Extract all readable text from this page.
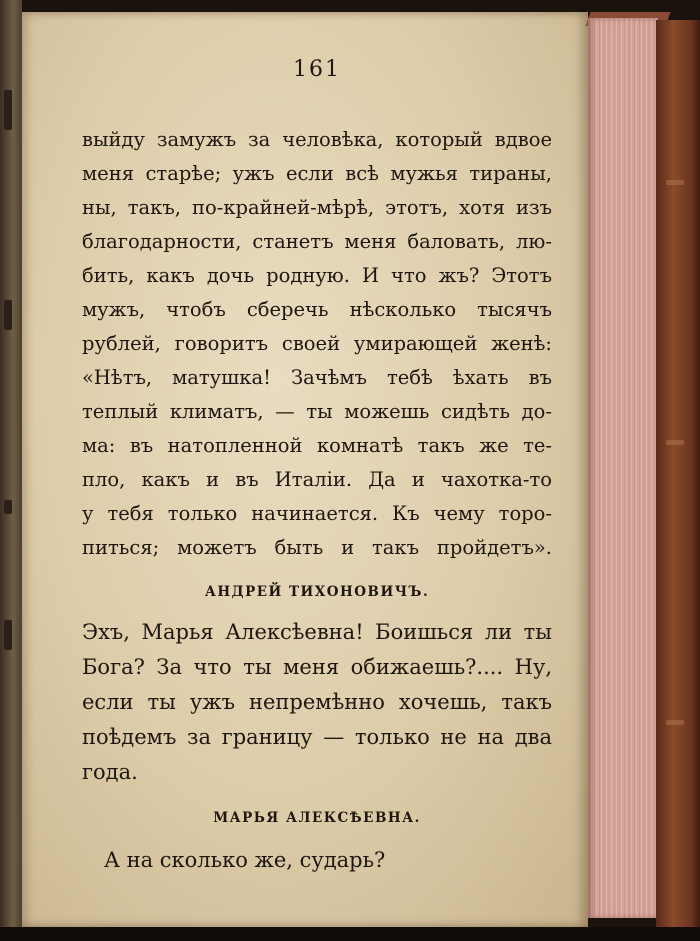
161

выйду замужъ за человѣка, который вдвое

меня старѣе; ужъ если всѣ мужья тираны,

ны, такъ, по-крайней-мѣрѣ, этотъ, хотя изъ

благодарности, станетъ меня баловать, лю-

бить, какъ дочь родную. И что жъ? Этотъ

мужъ, чтобъ сберечь нѣсколько тысячъ

рублей, говоритъ своей умирающей женѣ:

«Нѣтъ, матушка! Зачѣмъ тебѣ ѣхать въ

теплый климатъ, — ты можешь сидѣть до-

ма: въ натопленной комнатѣ такъ же те-

пло, какъ и въ Италіи. Да и чахотка-то

у тебя только начинается. Къ чему торо-

питься; можетъ быть и такъ пройдетъ».

АНДРЕЙ ТИХОНОВИЧЪ.

Эхъ, Марья Алексѣевна! Боишься ли ты

Бога? За что ты меня обижаешь?.... Ну,

если ты ужъ непремѣнно хочешь, такъ

поѣдемъ за границу — только не на два

года.

МАРЬЯ АЛЕКСѢЕВНА.

А на сколько же, сударь?
